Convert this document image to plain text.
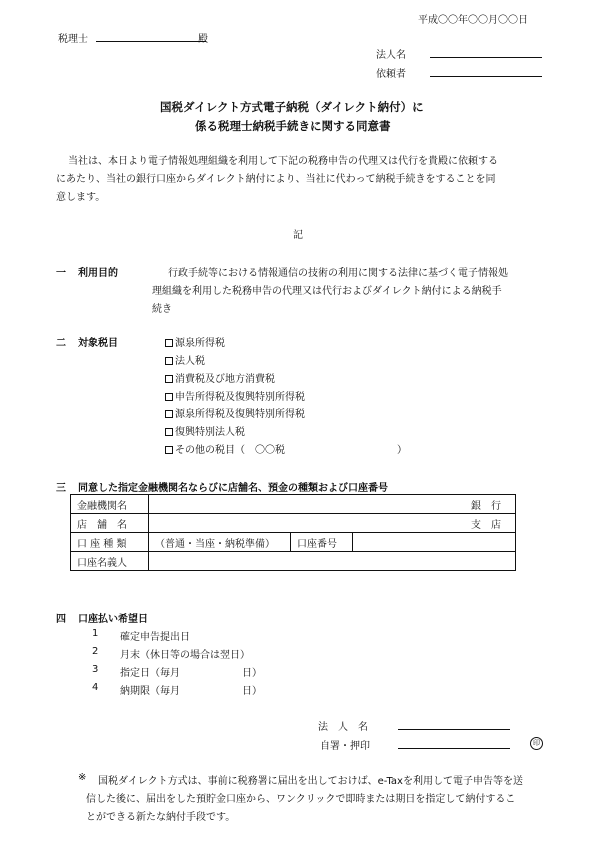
平成〇〇年〇〇月〇〇日
税理士	殿
法人名
依頼者
国税ダイレクト方式電子納税（ダイレクト納付）に
係る税理士納税手続きに関する同意書
当社は、本日より電子情報処理組織を利用して下記の税務申告の代理又は代行を貴殿に依頼する
にあたり、当社の銀行口座からダイレクト納付により、当社に代わって納税手続きをすることを同
意します。
記
一 利用目的	行政手続等における情報通信の技術の利用に関する法律に基づく電子情報処
理組織を利用した税務申告の代理又は代行およびダイレクト納付による納税手
続き
二 対象税目	源泉所得税
法人税
消費税及び地方消費税
申告所得税及復興特別所得税
源泉所得税及復興特別所得税
復興特別法人税
その他の税目（　〇〇税	）
三 同意した指定金融機関名ならびに店舗名、預金の種類および口座番号
金融機関名	銀　行		
店　舗　名	支　店		
口 座 種 類	（普通・当座・納税準備）	口座番号	
口座名義人			
四 口座払い希望日
1 確定申告提出日
2 月末（休日等の場合は翌日）
3 指定日（毎月	日）
4 納期限（毎月	日）
法　人　名
自署・押印	印
※ 国税ダイレクト方式は、事前に税務署に届出を出しておけば、e-Taxを利用して電子申告等を送
信した後に、届出をした預貯金口座から、ワンクリックで即時または期日を指定して納付するこ
とができる新たな納付手段です。
